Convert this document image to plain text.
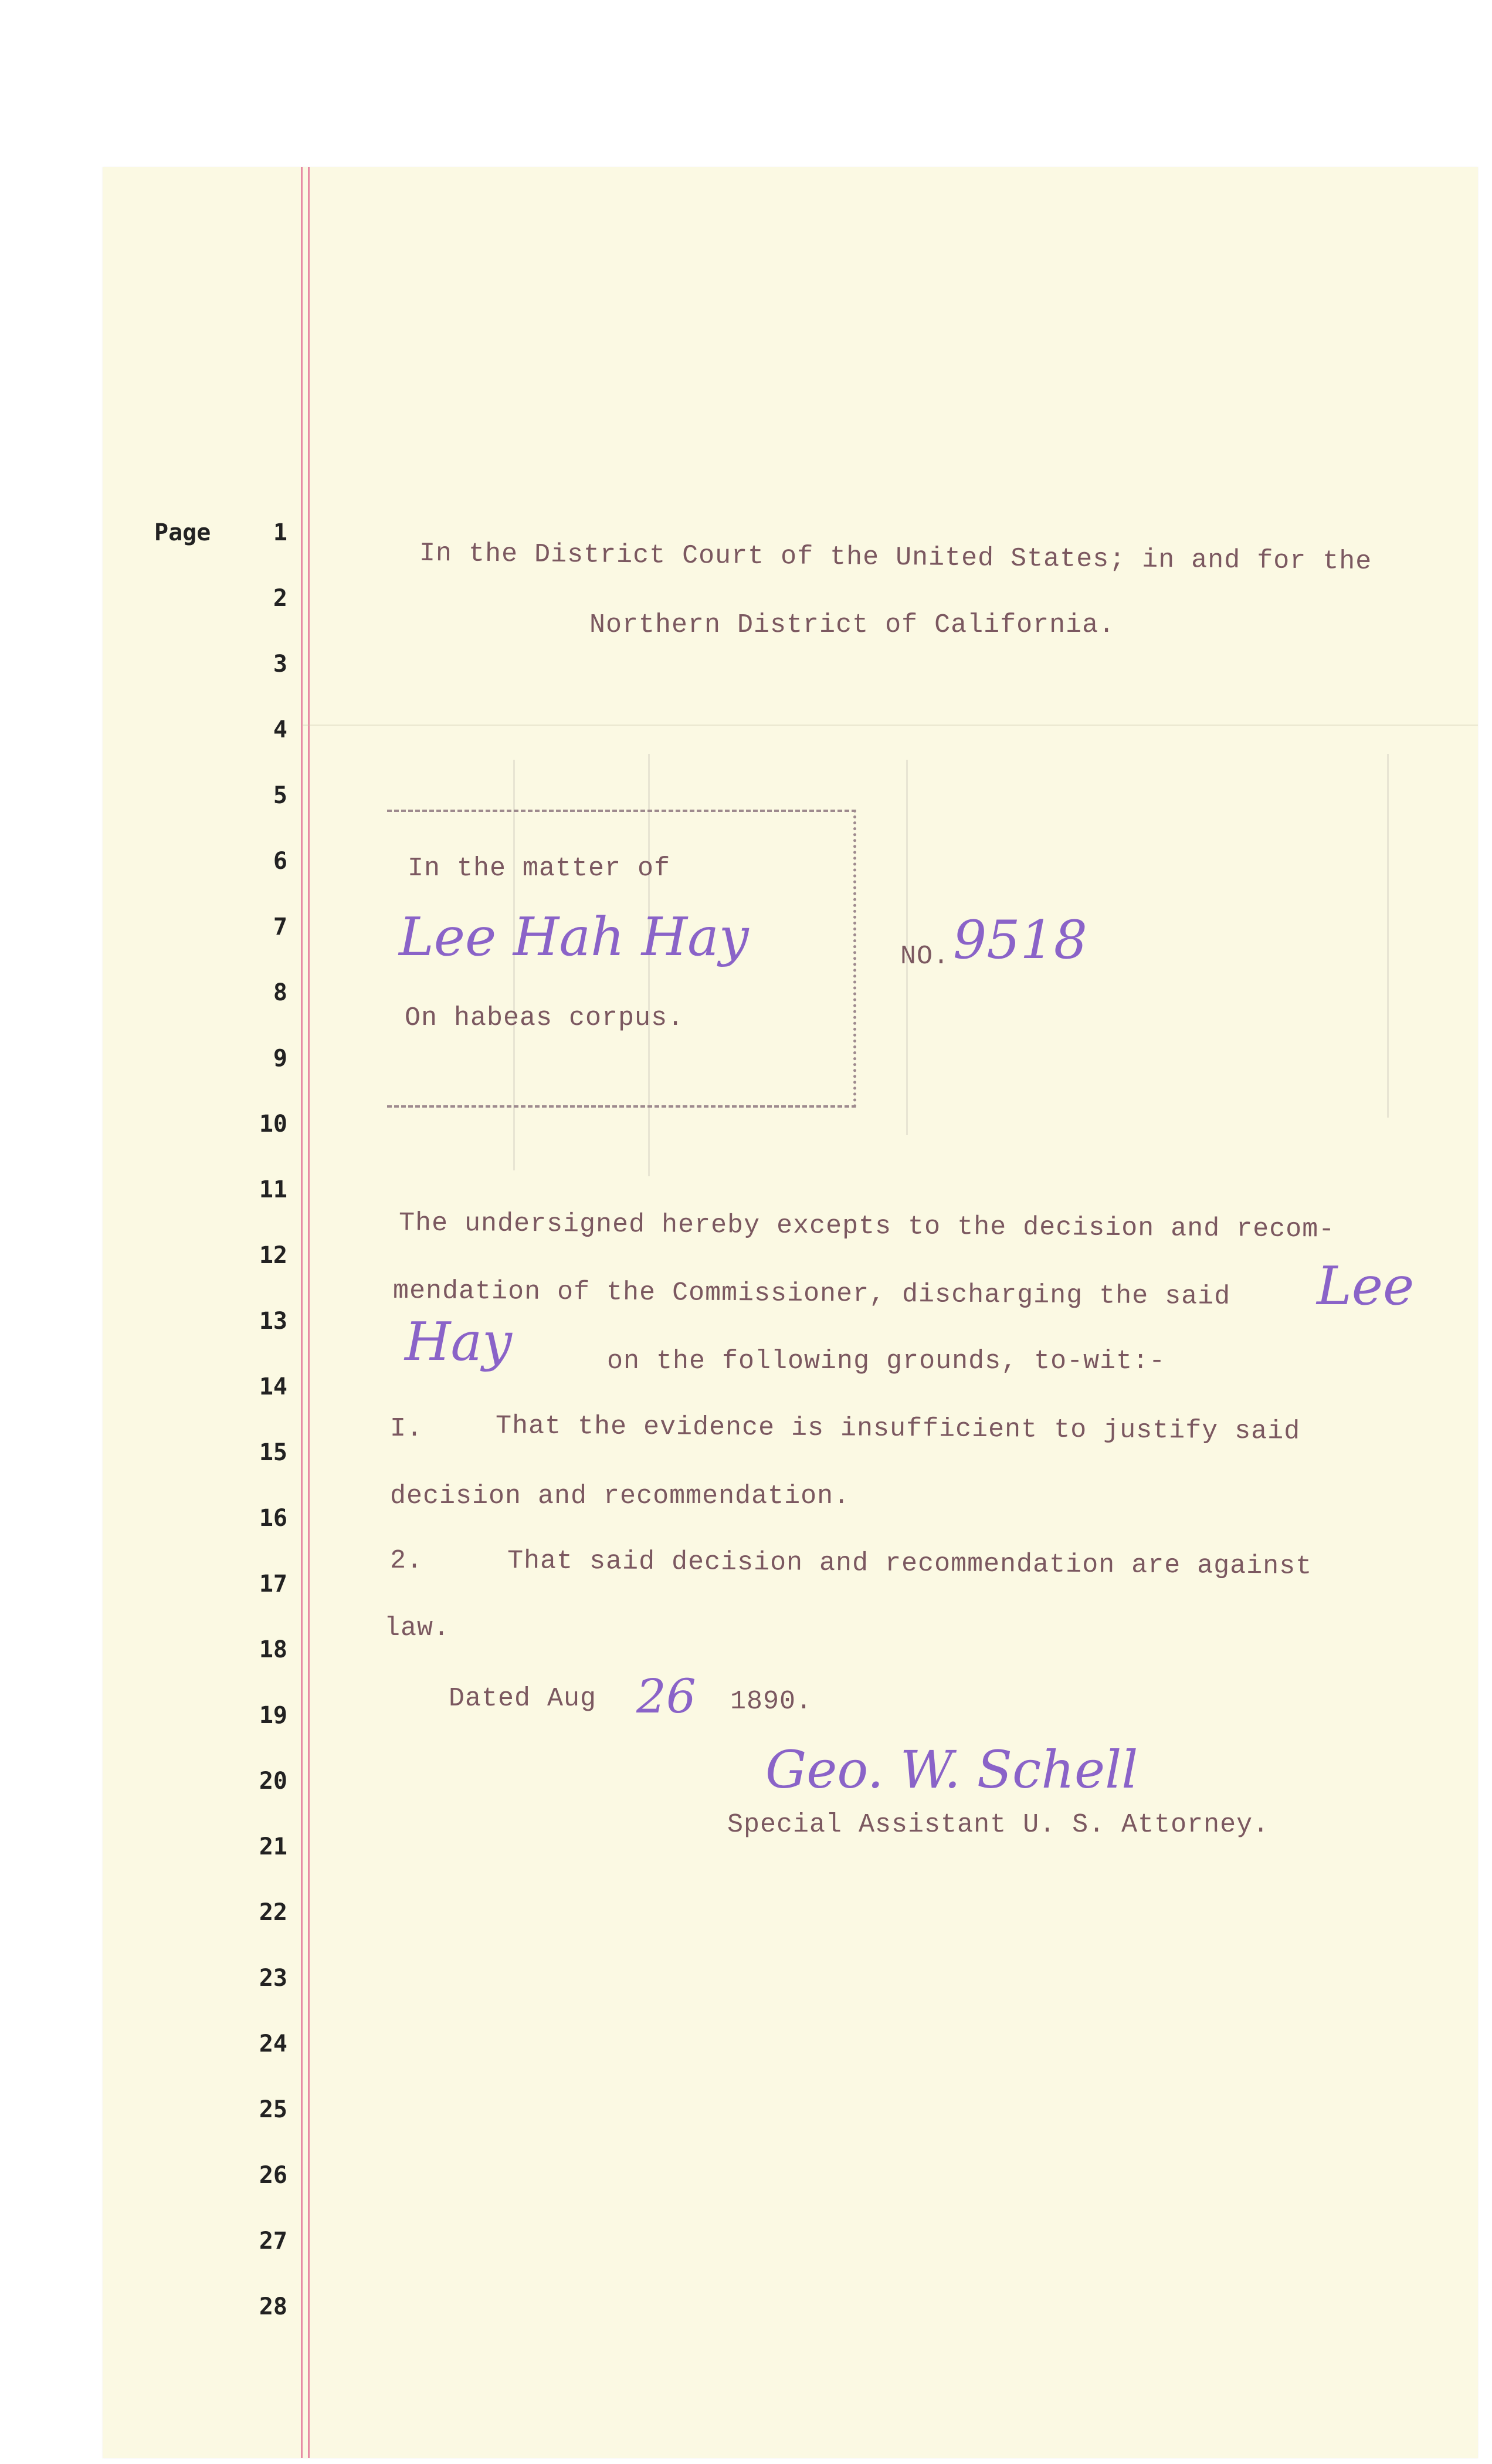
Page	1
2
3
4
5
6
7
8
9
10
11
12
13
14
15
16
17
18
19
20
21
22
23
24
25
26
27
28
In the District Court of the United States; in and for the
Northern District of California.
In the matter of
Lee Hah Hay	NO. 9518
On habeas corpus.
The undersigned hereby excepts to the decision and recom-
mendation of the Commissioner, discharging the said Lee
Hay	on the following grounds, to-wit:-
I.	That the evidence is insufficient to justify said
decision and recommendation.
2.	That said decision and recommendation are against
law.
Dated Aug 26 1890.
Geo. W. Schell
Special Assistant U. S. Attorney.
